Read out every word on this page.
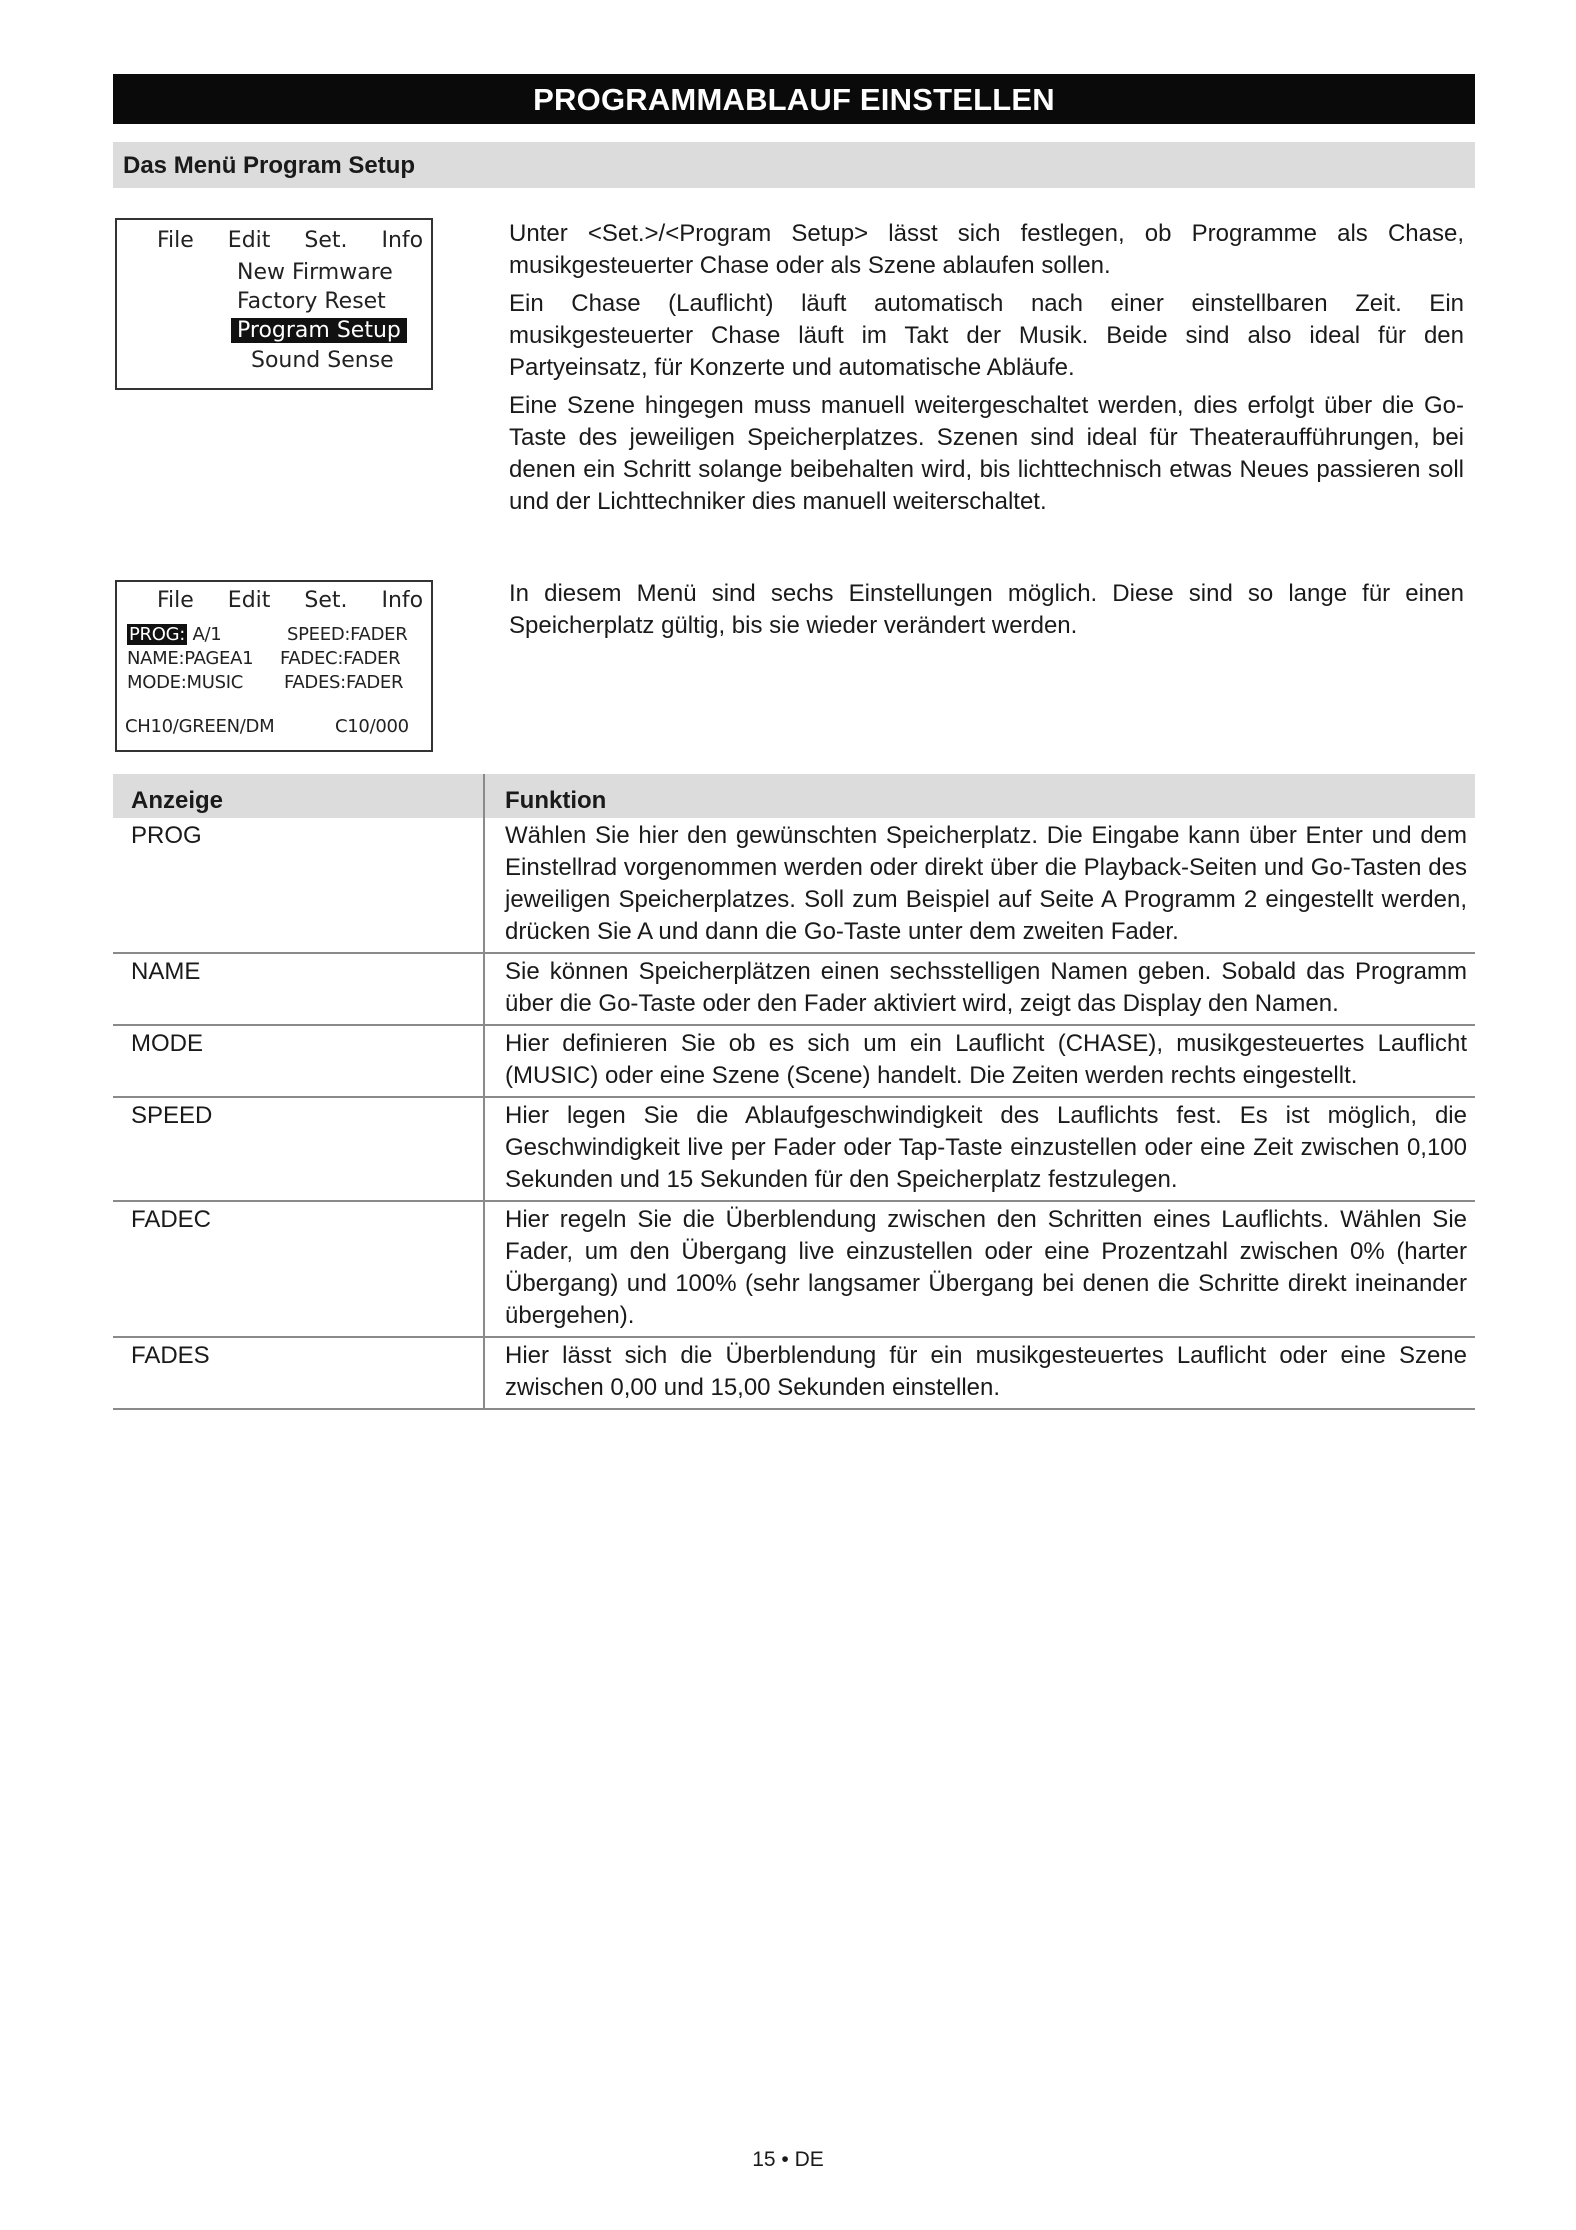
PROGRAMMABLAUF EINSTELLEN
Das Menü Program Setup
File  Edit  Set.  Info
New Firmware
Factory Reset
Program Setup
Sound Sense
File  Edit  Set.  Info
PROG: A/1	SPEED:FADER
NAME:PAGEA1 FADEC:FADER
MODE:MUSIC FADES:FADER
CH10/GREEN/DM	C10/000

Unter <Set.>/<Program Setup> lässt sich festlegen, ob Programme als Chase, musikgesteuerter Chase oder als Szene ablaufen sollen.

Ein Chase (Lauflicht) läuft automatisch nach einer einstellbaren Zeit. Ein musikgesteuerter Chase läuft im Takt der Musik. Beide sind also ideal für den Partyeinsatz, für Konzerte und automatische Abläufe.

Eine Szene hingegen muss manuell weitergeschaltet werden, dies erfolgt über die Go-Taste des jeweiligen Speicherplatzes. Szenen sind ideal für Theateraufführungen, bei denen ein Schritt solange beibehalten wird, bis lichttechnisch etwas Neues passieren soll und der Lichttechniker dies manuell weiterschaltet.

In diesem Menü sind sechs Einstellungen möglich. Diese sind so lange für einen Speicherplatz gültig, bis sie wieder verändert werden.

Anzeige	Funktion
PROG	Wählen Sie hier den gewünschten Speicherplatz. Die Eingabe kann über Enter und dem Einstellrad vorgenommen werden oder direkt über die Playback-Seiten und Go-Tasten des jeweiligen Speicherplatzes. Soll zum Beispiel auf Seite A Programm 2 eingestellt werden, drücken Sie A und dann die Go-Taste unter dem zweiten Fader.
NAME	Sie können Speicherplätzen einen sechsstelligen Namen geben. Sobald das Programm über die Go-Taste oder den Fader aktiviert wird, zeigt das Display den Namen.
MODE	Hier definieren Sie ob es sich um ein Lauflicht (CHASE), musikgesteuertes Lauflicht (MUSIC) oder eine Szene (Scene) handelt. Die Zeiten werden rechts eingestellt.
SPEED	Hier legen Sie die Ablaufgeschwindigkeit des Lauflichts fest. Es ist möglich, die Geschwindigkeit live per Fader oder Tap-Taste einzustellen oder eine Zeit zwischen 0,100 Sekunden und 15 Sekunden für den Speicherplatz festzulegen.
FADEC	Hier regeln Sie die Überblendung zwischen den Schritten eines Lauflichts. Wählen Sie Fader, um den Übergang live einzustellen oder eine Prozentzahl zwischen 0% (harter Übergang) und 100% (sehr langsamer Übergang bei denen die Schritte direkt ineinander übergehen).
FADES	Hier lässt sich die Überblendung für ein musikgesteuertes Lauflicht oder eine Szene zwischen 0,00 und 15,00 Sekunden einstellen.
15 • DE
